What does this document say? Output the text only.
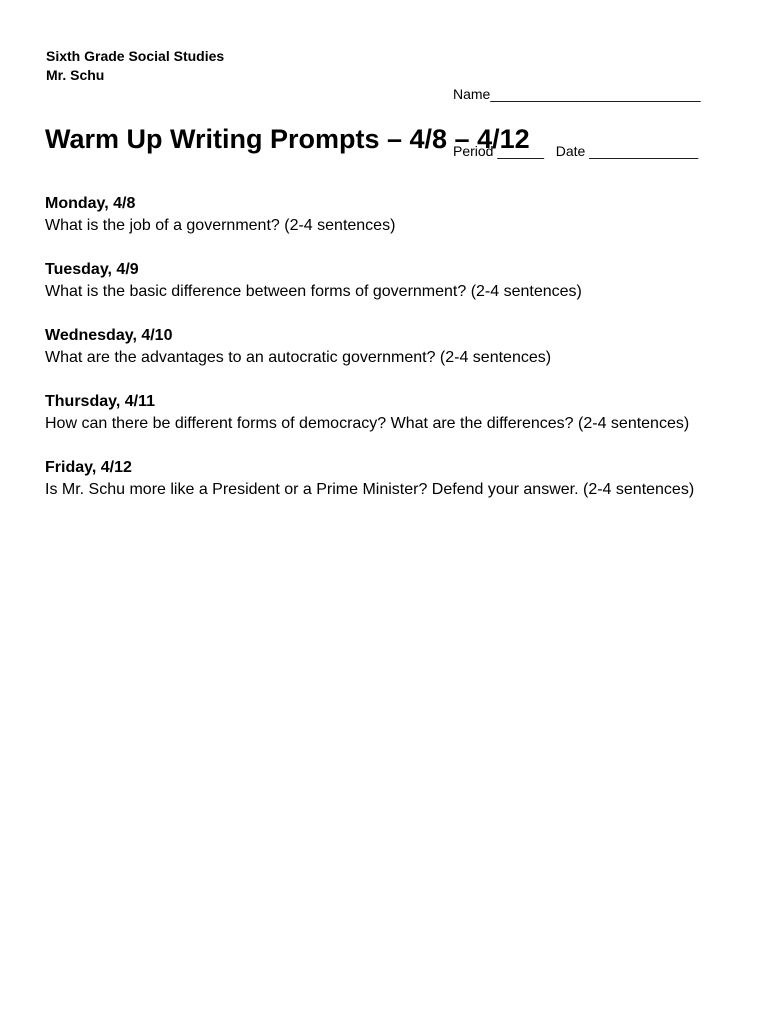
Sixth Grade Social Studies
Mr. Schu

Name___________________________

Period ______   Date ______________

Warm Up Writing Prompts – 4/8 – 4/12
Monday, 4/8
What is the job of a government? (2-4 sentences)
Tuesday, 4/9
What is the basic difference between forms of government? (2-4 sentences)
Wednesday, 4/10
What are the advantages to an autocratic government? (2-4 sentences)
Thursday, 4/11
How can there be different forms of democracy? What are the differences? (2-4 sentences)
Friday, 4/12
Is Mr. Schu more like a President or a Prime Minister? Defend your answer. (2-4 sentences)
